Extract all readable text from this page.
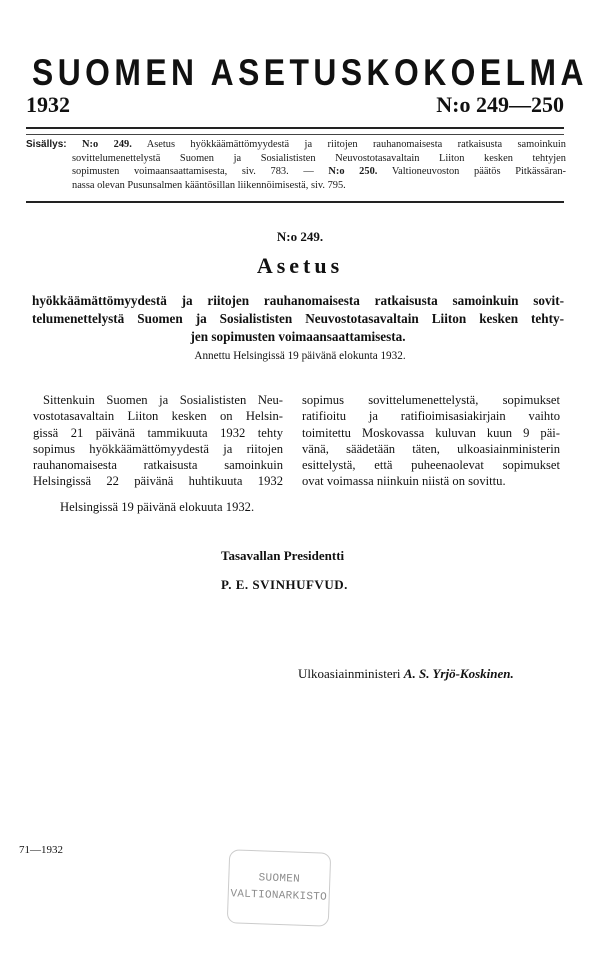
SUOMEN ASETUSKOKOELMA
1932	N:o 249—250
Sisällys: N:o 249. Asetus hyökkäämättömyydestä ja riitojen rauhanomaisesta ratkaisusta samoinkuin
sovittelumenettelystä Suomen ja Sosialististen Neuvostotasavaltain Liiton kesken tehtyjen
sopimusten voimaansaattamisesta, siv. 783. — N:o 250. Valtioneuvoston päätös Pitkässäran-
nassa olevan Pusunsalmen kääntösillan liikennöimisestä, siv. 795.
N:o 249.
Asetus
hyökkäämättömyydestä ja riitojen rauhanomaisesta ratkaisusta samoinkuin sovit-
telumenettelystä Suomen ja Sosialististen Neuvostotasavaltain Liiton kesken tehty-
jen sopimusten voimaansaattamisesta.
Annettu Helsingissä 19 päivänä elokunta 1932.
Sittenkuin Suomen ja Sosialististen Neu-
vostotasavaltain Liiton kesken on Helsin-
gissä 21 päivänä tammikuuta 1932 tehty
sopimus hyökkäämättömyydestä ja riitojen
rauhanomaisesta ratkaisusta samoinkuin
Helsingissä 22 päivänä huhtikuuta 1932
sopimus sovittelumenettelystä, sopimukset
ratifioitu ja ratifioimisasiakirjain vaihto
toimitettu Moskovassa kuluvan kuun 9 päi-
vänä, säädetään täten, ulkoasiainministerin
esittelystä, että puheenaolevat sopimukset
ovat voimassa niinkuin niistä on sovittu.
Helsingissä 19 päivänä elokuuta 1932.
Tasavallan Presidentti
P. E. SVINHUFVUD.
Ulkoasiainministeri A. S. Yrjö-Koskinen.
71—1932
SUOMEN
VALTIONARKISTO
